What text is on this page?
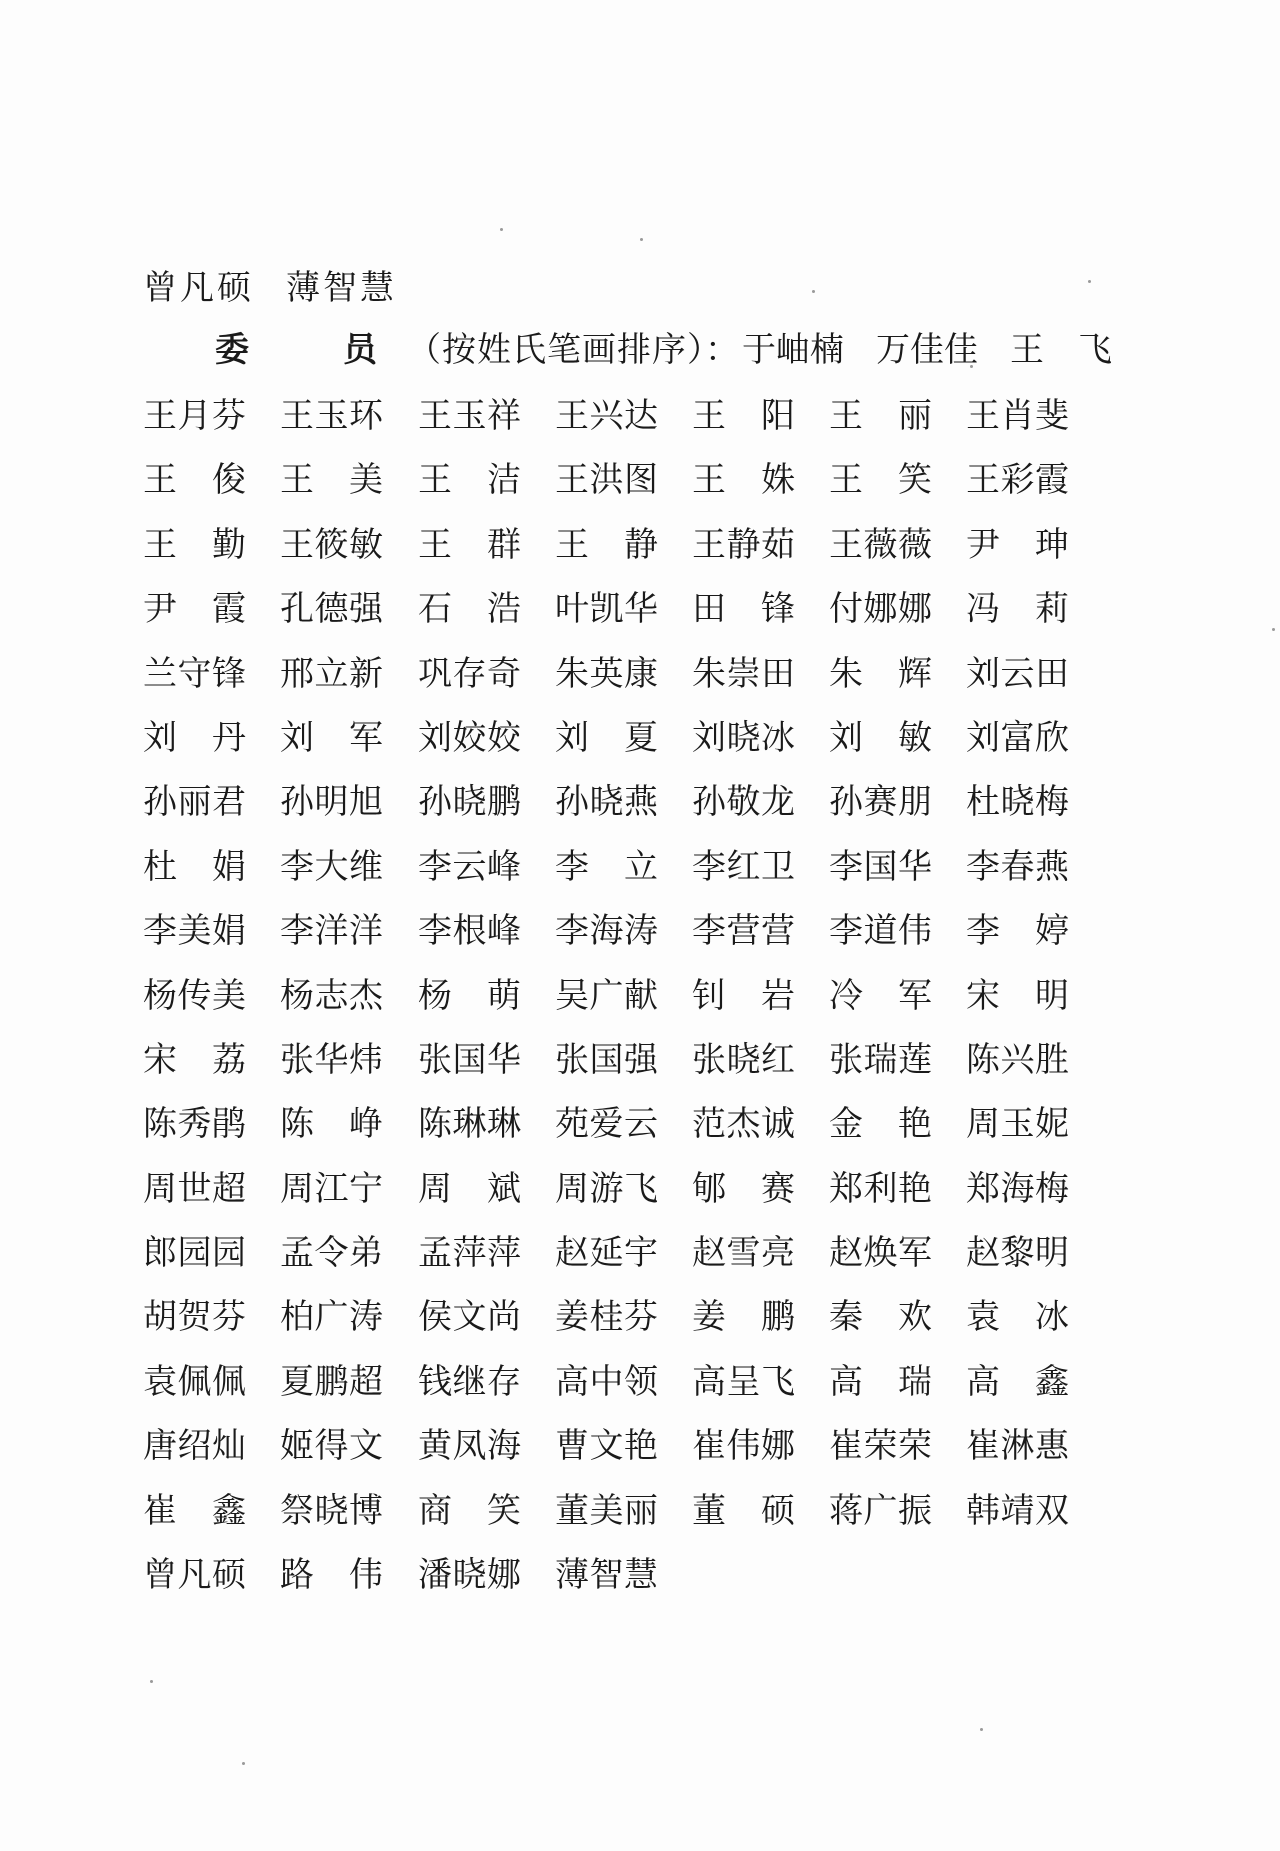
曾凡硕 薄智慧
委　员（按姓氏笔画排序）：于岫楠 万佳佳 王　飞
王月芬 王玉环 王玉祥 王兴达 王　阳 王　丽 王肖斐
王　俊 王　美 王　洁 王洪图 王　姝 王　笑 王彩霞
王　勤 王筱敏 王　群 王　静 王静茹 王薇薇 尹　珅
尹　霞 孔德强 石　浩 叶凯华 田　锋 付娜娜 冯　莉
兰守锋 邢立新 巩存奇 朱英康 朱崇田 朱　辉 刘云田
刘　丹 刘　军 刘姣姣 刘　夏 刘晓冰 刘　敏 刘富欣
孙丽君 孙明旭 孙晓鹏 孙晓燕 孙敬龙 孙赛朋 杜晓梅
杜　娟 李大维 李云峰 李　立 李红卫 李国华 李春燕
李美娟 李洋洋 李根峰 李海涛 李营营 李道伟 李　婷
杨传美 杨志杰 杨　萌 吴广献 钊　岩 冷　军 宋　明
宋　荔 张华炜 张国华 张国强 张晓红 张瑞莲 陈兴胜
陈秀鹃 陈　峥 陈琳琳 苑爱云 范杰诚 金　艳 周玉妮
周世超 周江宁 周　斌 周游飞 郇　赛 郑利艳 郑海梅
郎园园 孟令弟 孟萍萍 赵延宇 赵雪亮 赵焕军 赵黎明
胡贺芬 柏广涛 侯文尚 姜桂芬 姜　鹏 秦　欢 袁　冰
袁佩佩 夏鹏超 钱继存 高中领 高呈飞 高　瑞 高　鑫
唐绍灿 姬得文 黄凤海 曹文艳 崔伟娜 崔荣荣 崔淋惠
崔　鑫 祭晓博 商　笑 董美丽 董　硕 蒋广振 韩靖双
曾凡硕 路　伟 潘晓娜 薄智慧
